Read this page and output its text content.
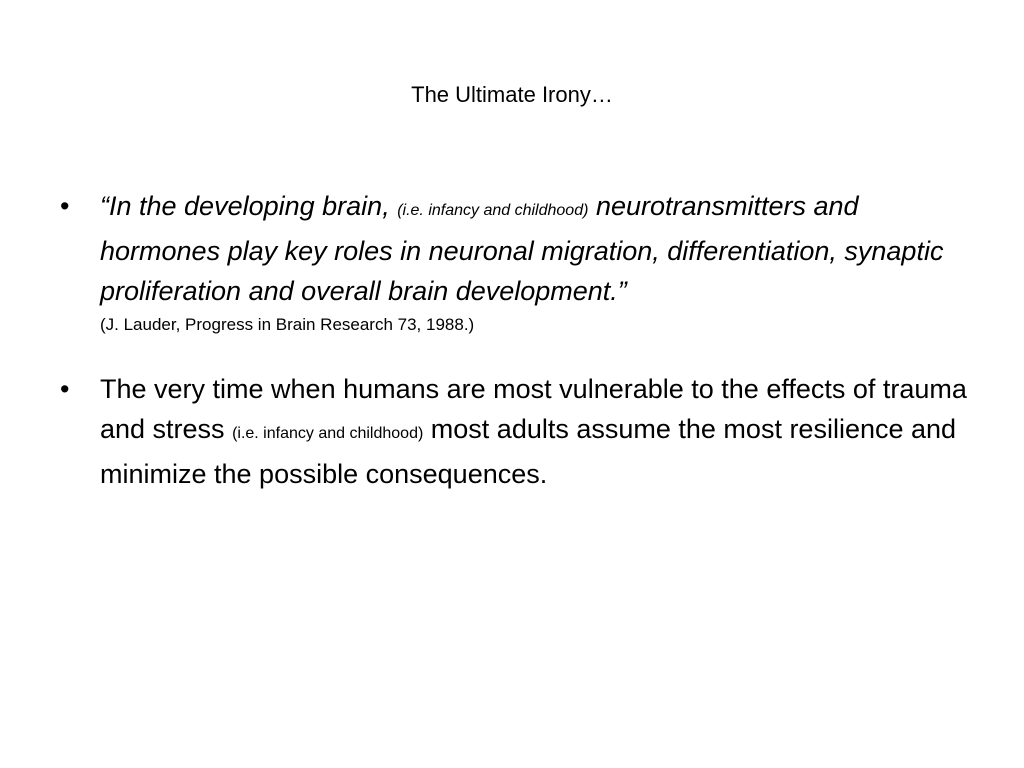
The Ultimate Irony…
•	“In the developing brain, (i.e. infancy and childhood) neurotransmitters and hormones play key roles in neuronal migration, differentiation, synaptic proliferation and overall brain development.”
(J. Lauder, Progress in Brain Research 73, 1988.)
•	The very time when humans are most vulnerable to the effects of trauma and stress (i.e. infancy and childhood) most adults assume the most resilience and minimize the possible consequences.
